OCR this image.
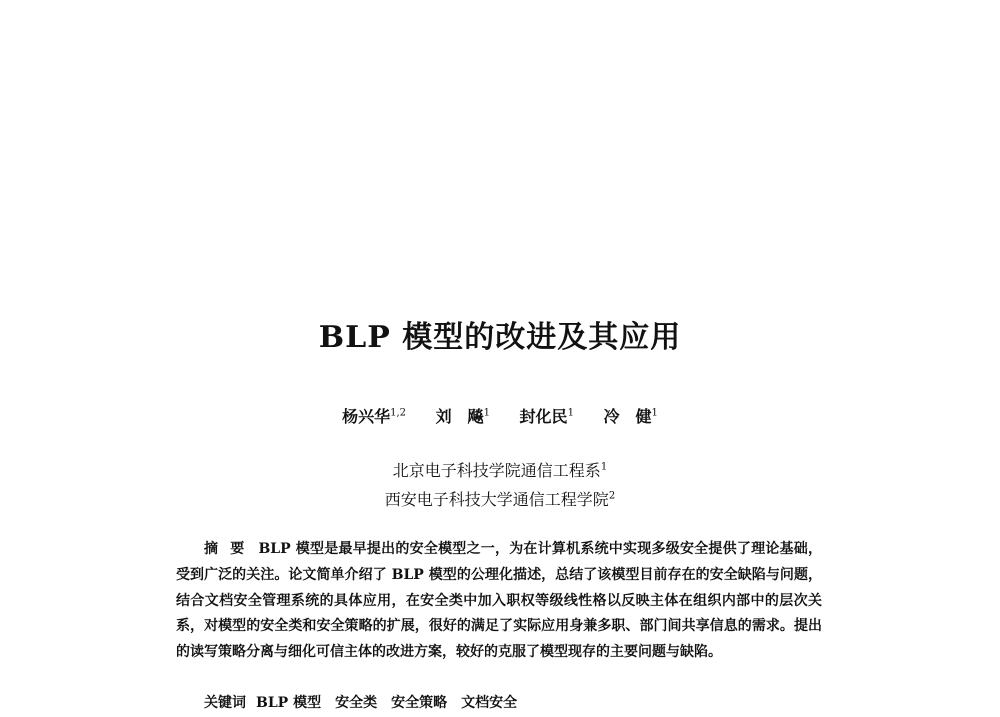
BLP 模型的改进及其应用
杨兴华$^{1,2}$ 刘　飚$^1$ 封化民$^1$ 冷　健$^1$
北京电子科技学院通信工程系$^1$
西安电子科技大学通信工程学院$^2$
摘要 BLP 模型是最早提出的安全模型之一，为在计算机系统中实现多级安全提供了理论基础，受到广泛的关注。论文简单介绍了 BLP 模型的公理化描述，总结了该模型目前存在的安全缺陷与问题，结合文档安全管理系统的具体应用，在安全类中加入职权等级线性格以反映主体在组织内部中的层次关系，对模型的安全类和安全策略的扩展，很好的满足了实际应用身兼多职、部门间共享信息的需求。提出的读写策略分离与细化可信主体的改进方案，较好的克服了模型现存的主要问题与缺陷。
关键词 BLP 模型　安全类　安全策略　文档安全
